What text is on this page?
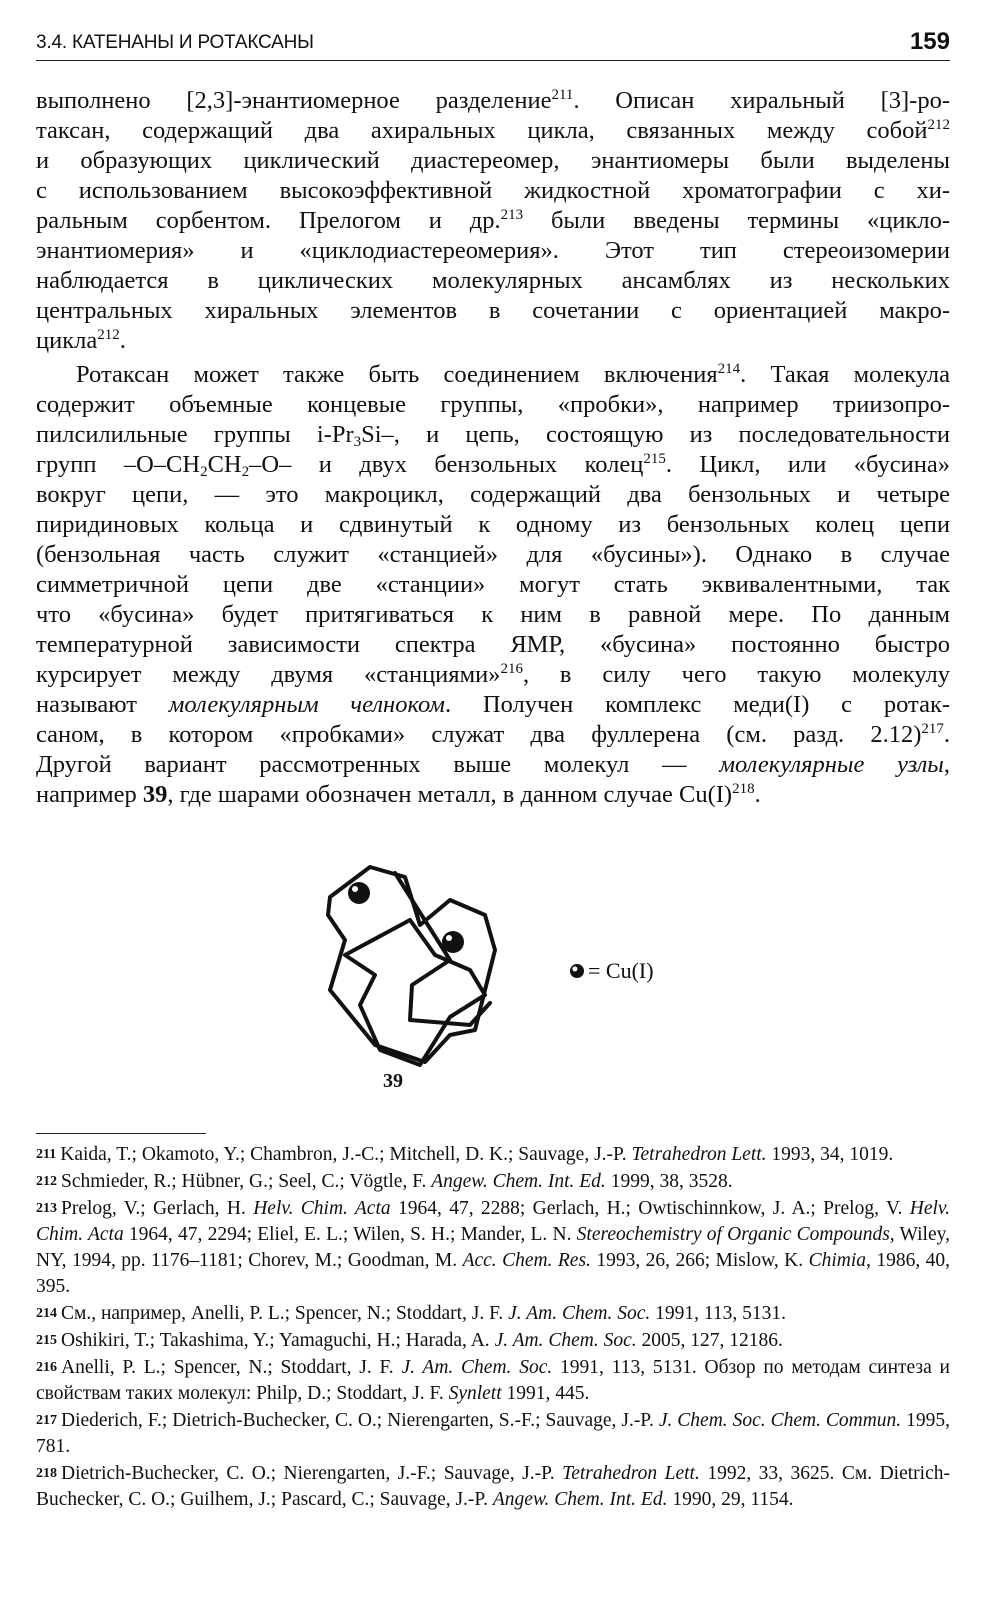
3.4. КАТЕНАНЫ И РОТАКСАНЫ	159

выполнено [2,3]-энантиомерное разделение$^{211}$. Описан хиральный [3]-ро-
таксан, содержащий два ахиральных цикла, связанных между собой$^{212}$
и образующих циклический диастереомер, энантиомеры были выделены
с использованием высокоэффективной жидкостной хроматографии с хи-
ральным сорбентом. Прелогом и др.$^{213}$ были введены термины «цикло-
энантиомерия» и «циклодиастереомерия». Этот тип стереоизомерии
наблюдается в циклических молекулярных ансамблях из нескольких
центральных хиральных элементов в сочетании с ориентацией макро-
цикла$^{212}$.

Ротаксан может также быть соединением включения$^{214}$. Такая молекула
содержит объемные концевые группы, «пробки», например триизопро-
пилсилильные группы $i-Pr_3Si-$, и цепь, состоящую из последовательности
групп $-O-CH_2CH_2-O-$ и двух бензольных колец$^{215}$. Цикл, или «бусина»
вокруг цепи, — это макроцикл, содержащий два бензольных и четыре
пиридиновых кольца и сдвинутый к одному из бензольных колец цепи
(бензольная часть служит «станцией» для «бусины»). Однако в случае
симметричной цепи две «станции» могут стать эквивалентными, так
что «бусина» будет притягиваться к ним в равной мере. По данным
температурной зависимости спектра ЯМР, «бусина» постоянно быстро
курсирует между двумя «станциями»$^{216}$, в силу чего такую молекулу
называют молекулярным челноком. Получен комплекс меди(I) с ротак-
саном, в котором «пробками» служат два фуллерена (см. разд. 2.12)$^{217}$.
Другой вариант рассмотренных выше молекул — молекулярные узлы,
например 39, где шарами обозначен металл, в данном случае $Cu(I)^{218}$.

= Cu(I)
39
211 Kaida, T.; Okamoto, Y.; Chambron, J.-C.; Mitchell, D. K.; Sauvage, J.-P. Tetrahedron Lett. 1993, 34, 1019.
212 Schmieder, R.; Hübner, G.; Seel, C.; Vögtle, F. Angew. Chem. Int. Ed. 1999, 38, 3528.
213 Prelog, V.; Gerlach, H. Helv. Chim. Acta 1964, 47, 2288; Gerlach, H.; Owtischinnkow, J. A.; Prelog, V. Helv. Chim. Acta 1964, 47, 2294; Eliel, E. L.; Wilen, S. H.; Mander, L. N. Stereochemistry of Organic Compounds, Wiley, NY, 1994, pp. 1176–1181; Chorev, M.; Goodman, M. Acc. Chem. Res. 1993, 26, 266; Mislow, K. Chimia, 1986, 40, 395.
214 См., например, Anelli, P. L.; Spencer, N.; Stoddart, J. F. J. Am. Chem. Soc. 1991, 113, 5131.
215 Oshikiri, T.; Takashima, Y.; Yamaguchi, H.; Harada, A. J. Am. Chem. Soc. 2005, 127, 12186.
216 Anelli, P. L.; Spencer, N.; Stoddart, J. F. J. Am. Chem. Soc. 1991, 113, 5131. Обзор по методам синтеза и свойствам таких молекул: Philp, D.; Stoddart, J. F. Synlett 1991, 445.
217 Diederich, F.; Dietrich-Buchecker, C. O.; Nierengarten, S.-F.; Sauvage, J.-P. J. Chem. Soc. Chem. Commun. 1995, 781.
218 Dietrich-Buchecker, C. O.; Nierengarten, J.-F.; Sauvage, J.-P. Tetrahedron Lett. 1992, 33, 3625. См. Dietrich-Buchecker, C. O.; Guilhem, J.; Pascard, C.; Sauvage, J.-P. Angew. Chem. Int. Ed. 1990, 29, 1154.
